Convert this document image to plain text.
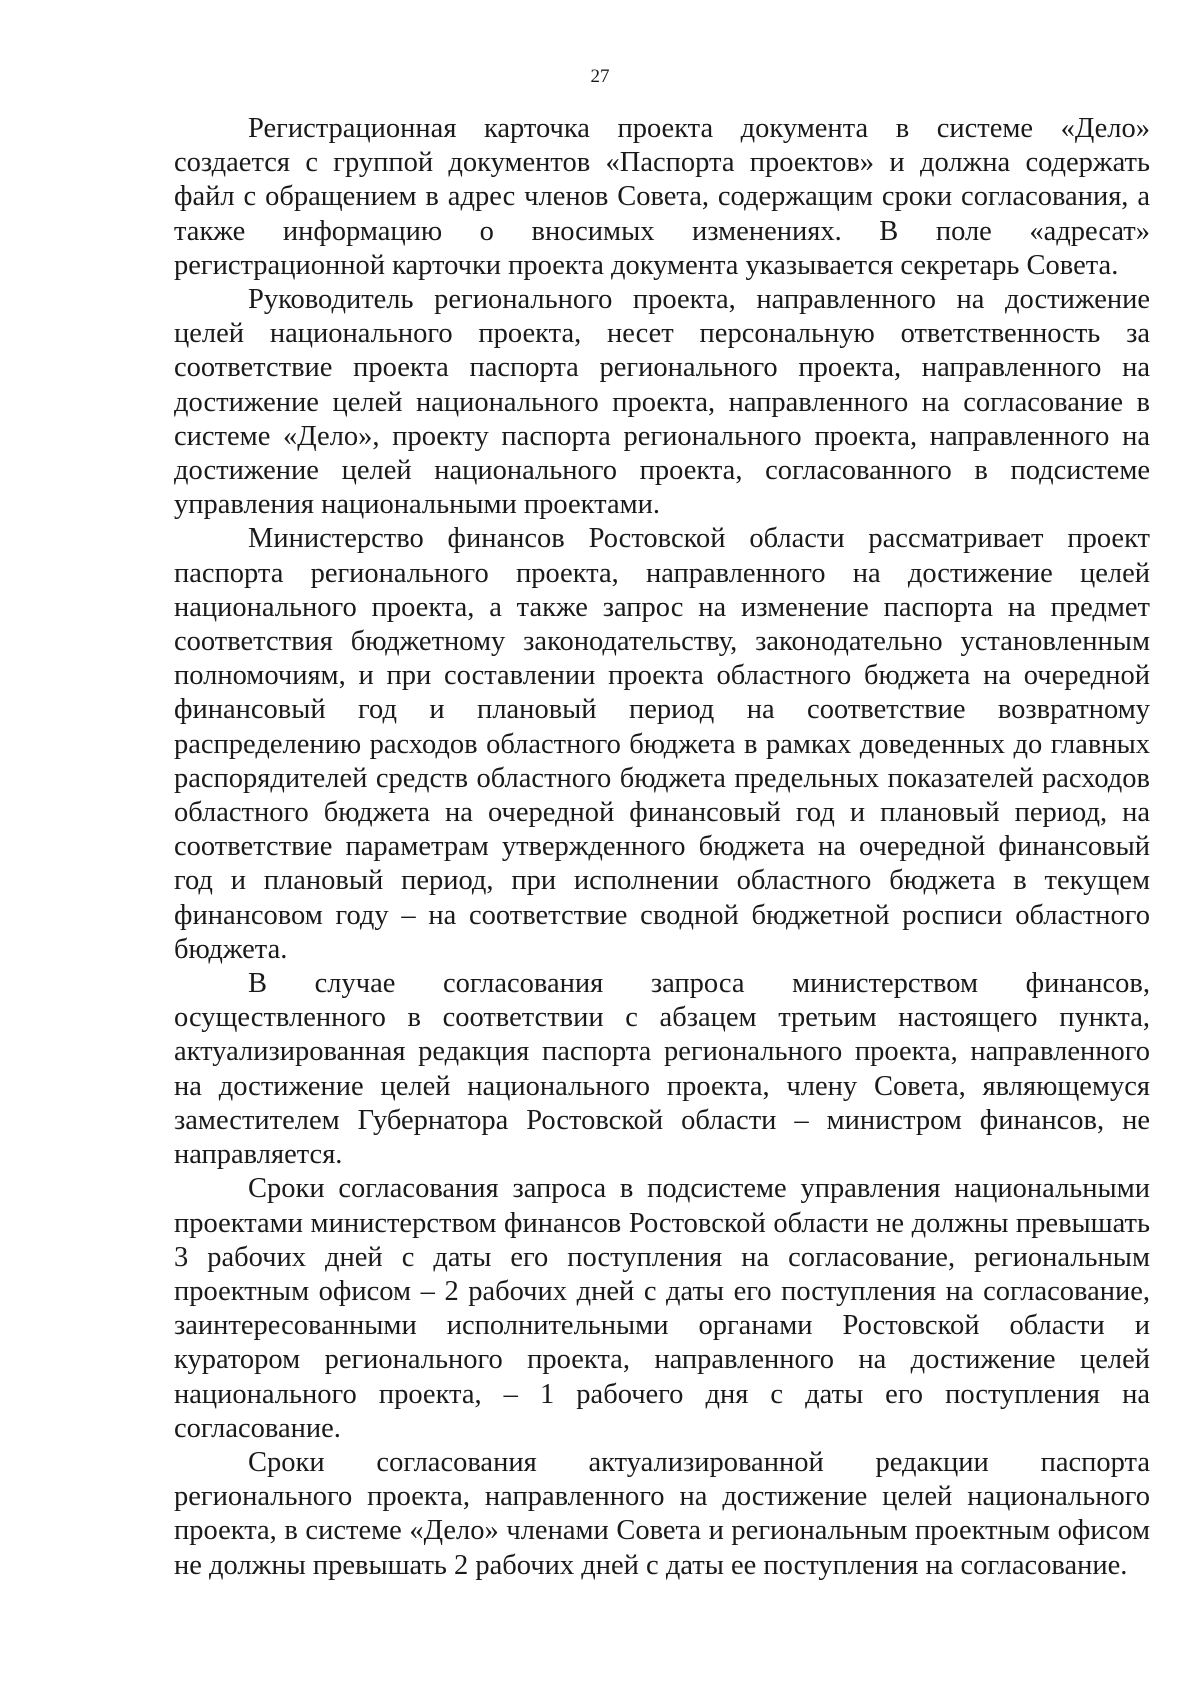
27

Регистрационная карточка проекта документа в системе «Дело» создается с группой документов «Паспорта проектов» и должна содержать файл с обращением в адрес членов Совета, содержащим сроки согласования, а также информацию о вносимых изменениях. В поле «адресат» регистрационной карточки проекта документа указывается секретарь Совета.

Руководитель регионального проекта, направленного на достижение целей национального проекта, несет персональную ответственность за соответствие проекта паспорта регионального проекта, направленного на достижение целей национального проекта, направленного на согласование в системе «Дело», проекту паспорта регионального проекта, направленного на достижение целей национального проекта, согласованного в подсистеме управления национальными проектами.

Министерство финансов Ростовской области рассматривает проект паспорта регионального проекта, направленного на достижение целей национального проекта, а также запрос на изменение паспорта на предмет соответствия бюджетному законодательству, законодательно установленным полномочиям, и при составлении проекта областного бюджета на очередной финансовый год и плановый период на соответствие возвратному распределению расходов областного бюджета в рамках доведенных до главных распорядителей средств областного бюджета предельных показателей расходов областного бюджета на очередной финансовый год и плановый период, на соответствие параметрам утвержденного бюджета на очередной финансовый год и плановый период, при исполнении областного бюджета в текущем финансовом году – на соответствие сводной бюджетной росписи областного бюджета.

В случае согласования запроса министерством финансов, осуществленного в соответствии с абзацем третьим настоящего пункта, актуализированная редакция паспорта регионального проекта, направленного на достижение целей национального проекта, члену Совета, являющемуся заместителем Губернатора Ростовской области – министром финансов, не направляется.

Сроки согласования запроса в подсистеме управления национальными проектами министерством финансов Ростовской области не должны превышать 3 рабочих дней с даты его поступления на согласование, региональным проектным офисом – 2 рабочих дней с даты его поступления на согласование, заинтересованными исполнительными органами Ростовской области и куратором регионального проекта, направленного на достижение целей национального проекта, – 1 рабочего дня с даты его поступления на согласование.

Сроки согласования актуализированной редакции паспорта регионального проекта, направленного на достижение целей национального проекта, в системе «Дело» членами Совета и региональным проектным офисом не должны превышать 2 рабочих дней с даты ее поступления на согласование.
